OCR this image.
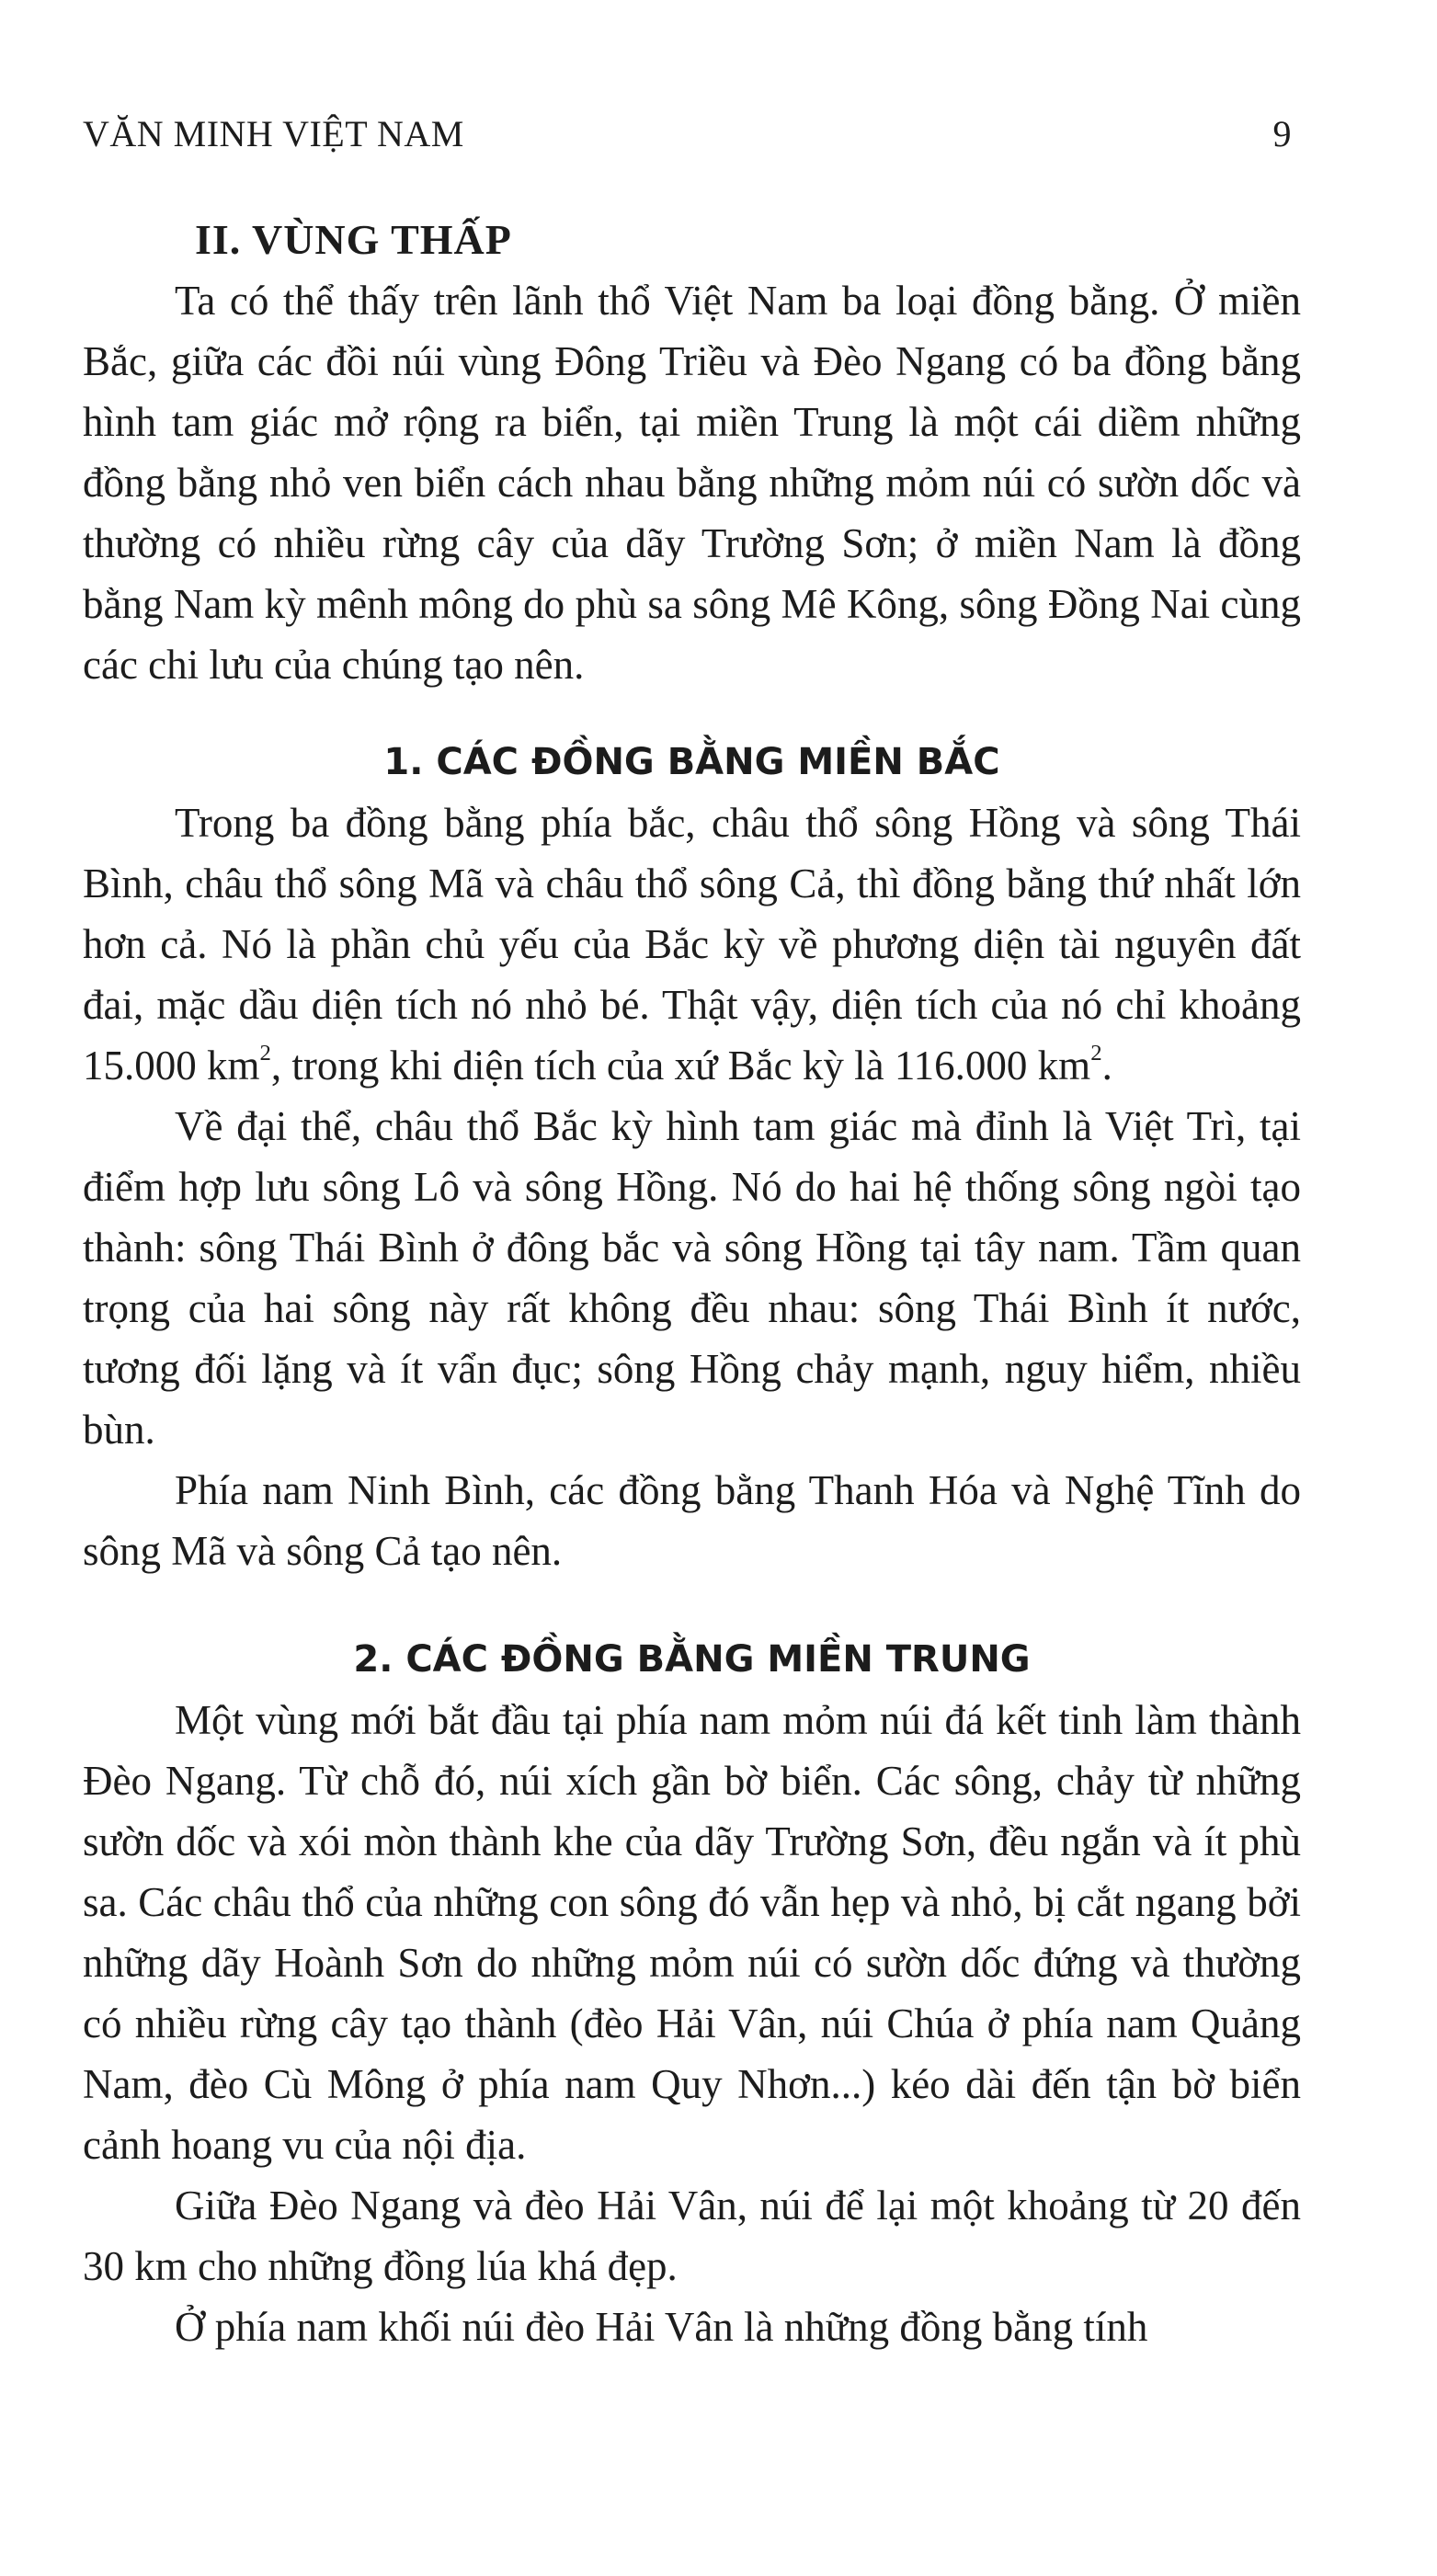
VĂN MINH VIỆT NAM	9
II. VÙNG THẤP

Ta có thể thấy trên lãnh thổ Việt Nam ba loại đồng bằng. Ở miền Bắc, giữa các đồi núi vùng Đông Triều và Đèo Ngang có ba đồng bằng hình tam giác mở rộng ra biển, tại miền Trung là một cái diềm những đồng bằng nhỏ ven biển cách nhau bằng những mỏm núi có sườn dốc và thường có nhiều rừng cây của dãy Trường Sơn; ở miền Nam là đồng bằng Nam kỳ mênh mông do phù sa sông Mê Kông, sông Đồng Nai cùng các chi lưu của chúng tạo nên.

1. CÁC ĐỒNG BẰNG MIỀN BẮC

Trong ba đồng bằng phía bắc, châu thổ sông Hồng và sông Thái Bình, châu thổ sông Mã và châu thổ sông Cả, thì đồng bằng thứ nhất lớn hơn cả. Nó là phần chủ yếu của Bắc kỳ về phương diện tài nguyên đất đai, mặc dầu diện tích nó nhỏ bé. Thật vậy, diện tích của nó chỉ khoảng 15.000 $km^2$, trong khi diện tích của xứ Bắc kỳ là 116.000 $km^2$.

Về đại thể, châu thổ Bắc kỳ hình tam giác mà đỉnh là Việt Trì, tại điểm hợp lưu sông Lô và sông Hồng. Nó do hai hệ thống sông ngòi tạo thành: sông Thái Bình ở đông bắc và sông Hồng tại tây nam. Tầm quan trọng của hai sông này rất không đều nhau: sông Thái Bình ít nước, tương đối lặng và ít vẩn đục; sông Hồng chảy mạnh, nguy hiểm, nhiều bùn.

Phía nam Ninh Bình, các đồng bằng Thanh Hóa và Nghệ Tĩnh do sông Mã và sông Cả tạo nên.

2. CÁC ĐỒNG BẰNG MIỀN TRUNG

Một vùng mới bắt đầu tại phía nam mỏm núi đá kết tinh làm thành Đèo Ngang. Từ chỗ đó, núi xích gần bờ biển. Các sông, chảy từ những sườn dốc và xói mòn thành khe của dãy Trường Sơn, đều ngắn và ít phù sa. Các châu thổ của những con sông đó vẫn hẹp và nhỏ, bị cắt ngang bởi những dãy Hoành Sơn do những mỏm núi có sườn dốc đứng và thường có nhiều rừng cây tạo thành (đèo Hải Vân, núi Chúa ở phía nam Quảng Nam, đèo Cù Mông ở phía nam Quy Nhơn...) kéo dài đến tận bờ biển cảnh hoang vu của nội địa.

Giữa Đèo Ngang và đèo Hải Vân, núi để lại một khoảng từ 20 đến 30 km cho những đồng lúa khá đẹp.

Ở phía nam khối núi đèo Hải Vân là những đồng bằng tính
